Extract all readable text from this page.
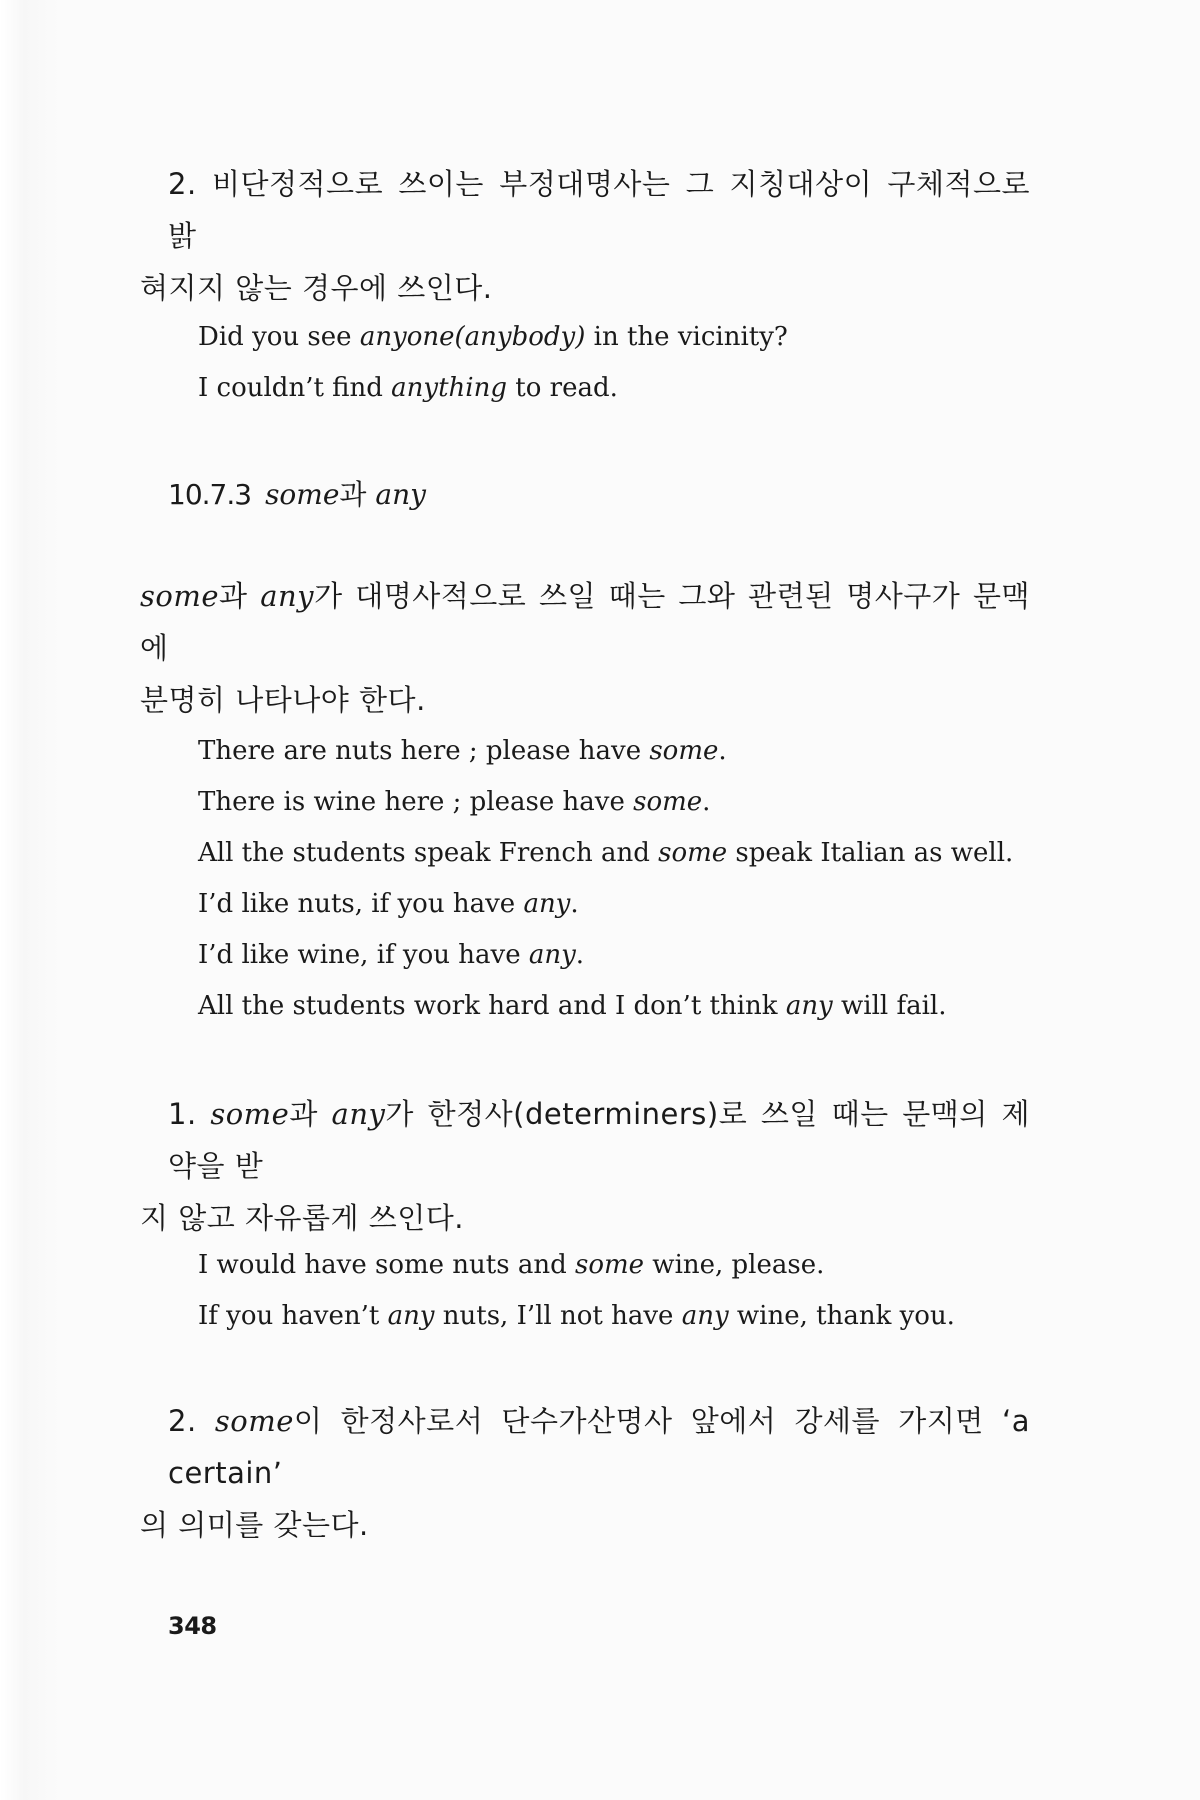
2. 비단정적으로 쓰이는 부정대명사는 그 지칭대상이 구체적으로 밝
혀지지 않는 경우에 쓰인다.

Did you see anyone(anybody) in the vicinity?

I couldn’t find anything to read.

10.7.3 some과 any

some과 any가 대명사적으로 쓰일 때는 그와 관련된 명사구가 문맥에
분명히 나타나야 한다.

There are nuts here ; please have some.

There is wine here ; please have some.

All the students speak French and some speak Italian as well.

I’d like nuts, if you have any.

I’d like wine, if you have any.

All the students work hard and I don’t think any will fail.

1. some과 any가 한정사(determiners)로 쓰일 때는 문맥의 제약을 받
지 않고 자유롭게 쓰인다.

I would have some nuts and some wine, please.

If you haven’t any nuts, I’ll not have any wine, thank you.

2. some이 한정사로서 단수가산명사 앞에서 강세를 가지면 ‘a certain’
의 의미를 갖는다.

348
